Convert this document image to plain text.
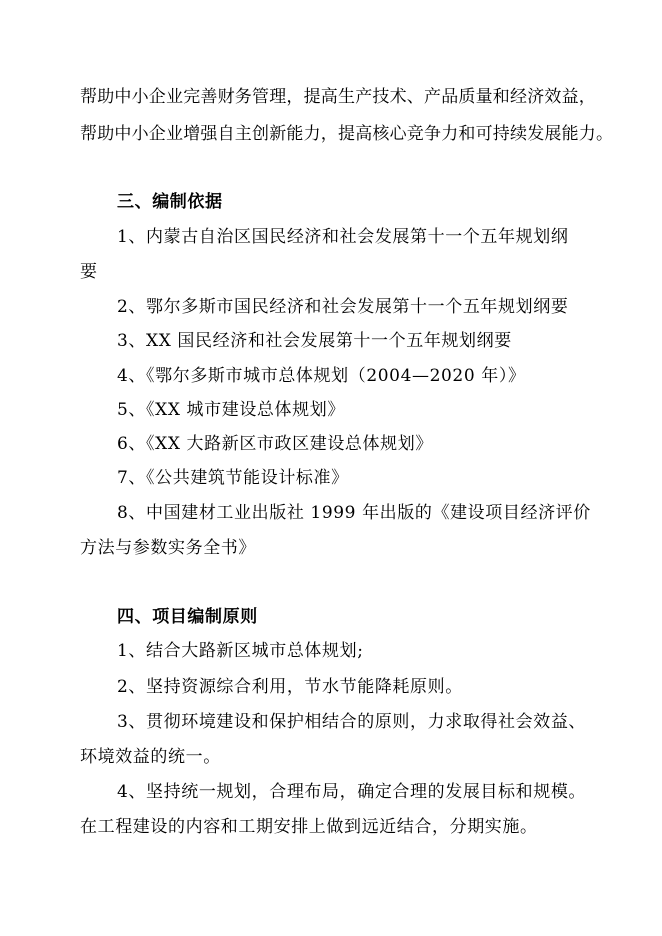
帮助中小企业完善财务管理，提高生产技术、产品质量和经济效益，

帮助中小企业增强自主创新能力，提高核心竞争力和可持续发展能力。

三、编制依据

1、内蒙古自治区国民经济和社会发展第十一个五年规划纲

要

2、鄂尔多斯市国民经济和社会发展第十一个五年规划纲要

3、XX 国民经济和社会发展第十一个五年规划纲要

4、《鄂尔多斯市城市总体规划（2004—2020 年）》

5、《XX 城市建设总体规划》

6、《XX 大路新区市政区建设总体规划》

7、《公共建筑节能设计标准》

8、中国建材工业出版社 1999 年出版的《建设项目经济评价

方法与参数实务全书》

四、项目编制原则

1、结合大路新区城市总体规划;

2、坚持资源综合利用，节水节能降耗原则。

3、贯彻环境建设和保护相结合的原则，力求取得社会效益、

环境效益的统一。

4、坚持统一规划，合理布局，确定合理的发展目标和规模。

在工程建设的内容和工期安排上做到远近结合，分期实施。
